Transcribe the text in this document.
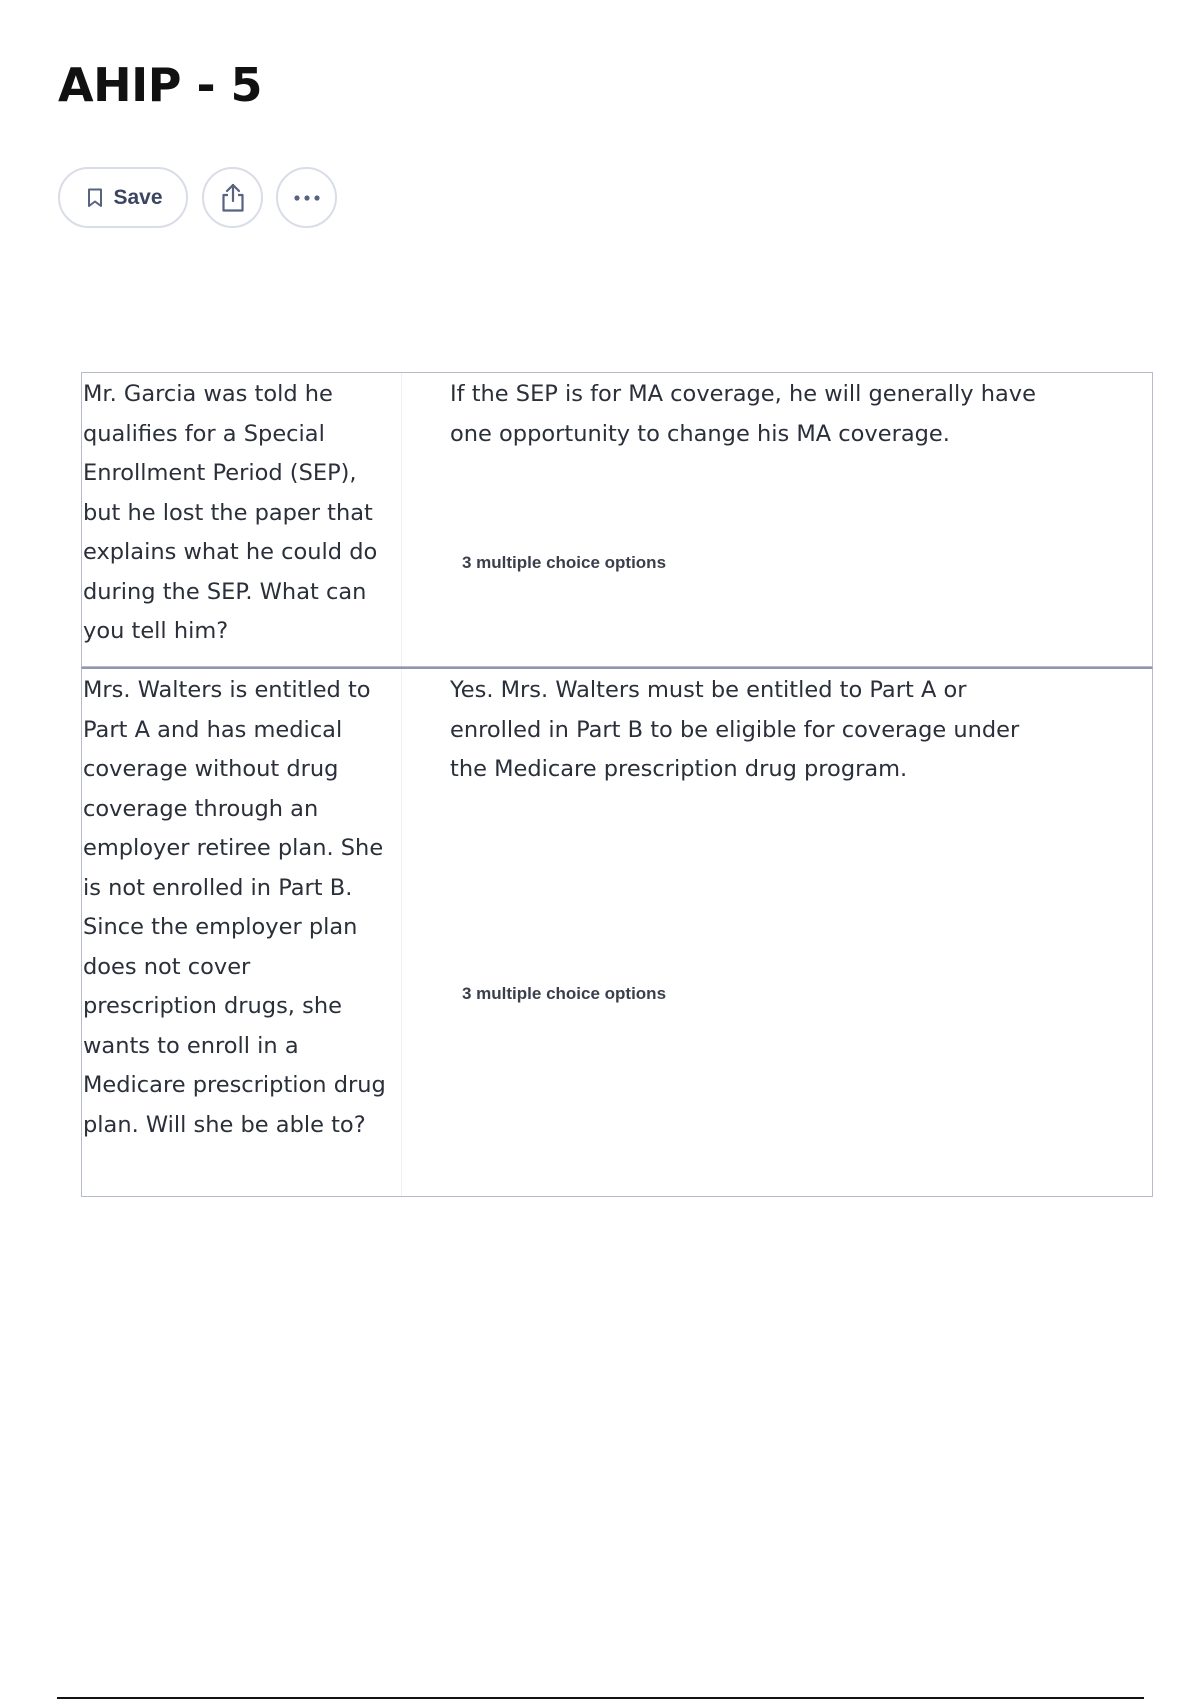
AHIP - 5
Save
Mr. Garcia was told he qualifies for a Special Enrollment Period (SEP), but he lost the paper that explains what he could do during the SEP. What can you tell him?
If the SEP is for MA coverage, he will generally have one opportunity to change his MA coverage.
3 multiple choice options
Mrs. Walters is entitled to Part A and has medical coverage without drug coverage through an employer retiree plan. She is not enrolled in Part B. Since the employer plan does not cover prescription drugs, she wants to enroll in a Medicare prescription drug plan. Will she be able to?
Yes. Mrs. Walters must be entitled to Part A or enrolled in Part B to be eligible for coverage under the Medicare prescription drug program.
3 multiple choice options
